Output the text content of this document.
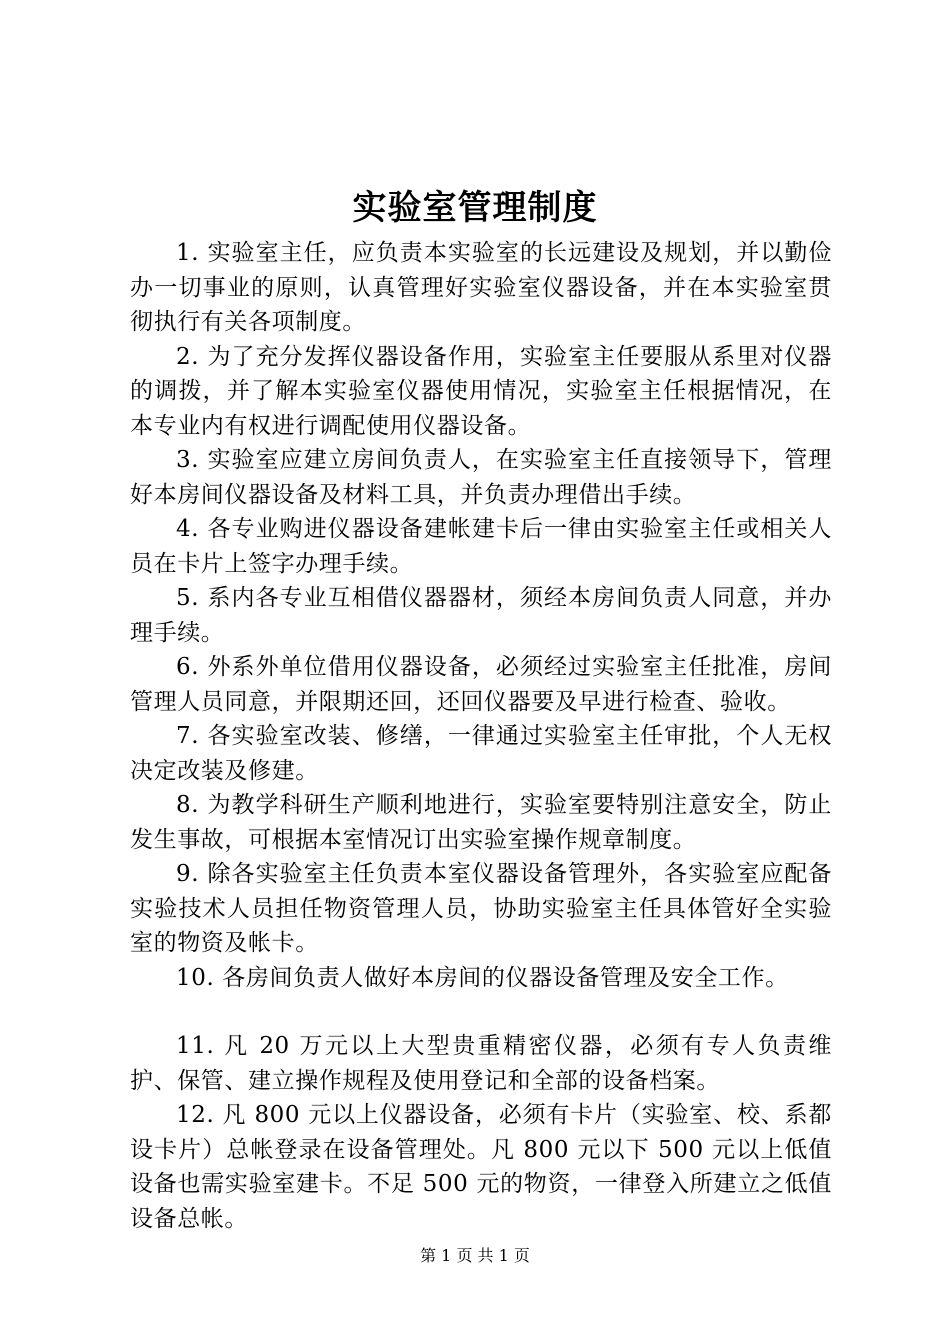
实验室管理制度

1. 实验室主任，应负责本实验室的长远建设及规划，并以勤俭办一切事业的原则，认真管理好实验室仪器设备，并在本实验室贯彻执行有关各项制度。

2. 为了充分发挥仪器设备作用，实验室主任要服从系里对仪器的调拨，并了解本实验室仪器使用情况，实验室主任根据情况，在本专业内有权进行调配使用仪器设备。

3. 实验室应建立房间负责人，在实验室主任直接领导下，管理好本房间仪器设备及材料工具，并负责办理借出手续。

4. 各专业购进仪器设备建帐建卡后一律由实验室主任或相关人员在卡片上签字办理手续。

5. 系内各专业互相借仪器器材，须经本房间负责人同意，并办理手续。

6. 外系外单位借用仪器设备，必须经过实验室主任批准，房间管理人员同意，并限期还回，还回仪器要及早进行检查、验收。

7. 各实验室改装、修缮，一律通过实验室主任审批，个人无权决定改装及修建。

8. 为教学科研生产顺利地进行，实验室要特别注意安全，防止发生事故，可根据本室情况订出实验室操作规章制度。

9. 除各实验室主任负责本室仪器设备管理外，各实验室应配备实验技术人员担任物资管理人员，协助实验室主任具体管好全实验室的物资及帐卡。

10. 各房间负责人做好本房间的仪器设备管理及安全工作。

11. 凡 20 万元以上大型贵重精密仪器，必须有专人负责维护、保管、建立操作规程及使用登记和全部的设备档案。

12. 凡 800 元以上仪器设备，必须有卡片（实验室、校、系都设卡片）总帐登录在设备管理处。凡 800 元以下 500 元以上低值设备也需实验室建卡。不足 500 元的物资，一律登入所建立之低值设备总帐。

第 1 页 共 1 页
